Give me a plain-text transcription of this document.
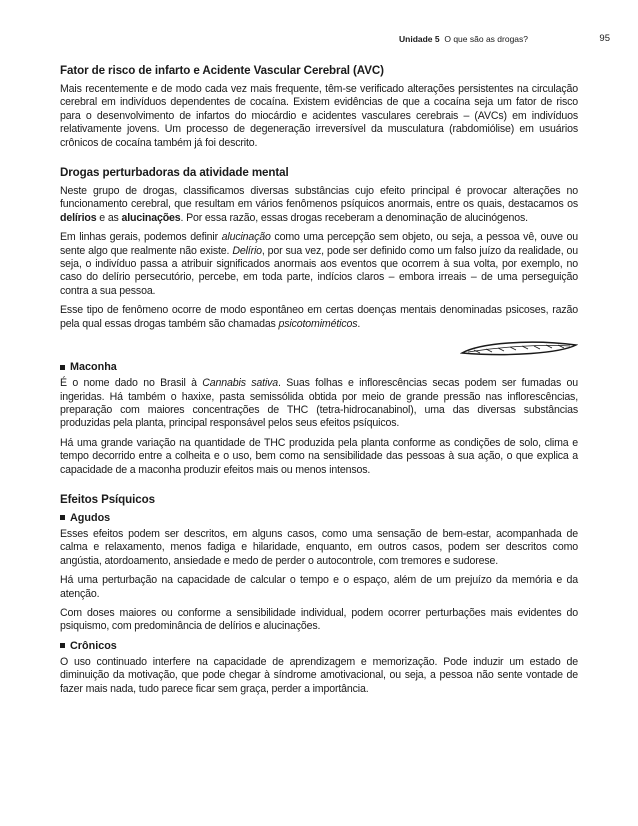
Unidade 5 O que são as drogas?	95
Fator de risco de infarto e Acidente Vascular Cerebral (AVC)

Mais recentemente e de modo cada vez mais frequente, têm-se verificado alterações persistentes na circulação cerebral em indivíduos dependentes de cocaína. Existem evidências de que a cocaína seja um fator de risco para o desenvolvimento de infartos do miocárdio e acidentes vasculares cerebrais – (AVCs) em indivíduos relativamente jovens. Um processo de degeneração irreversível da musculatura (rabdomiólise) em usuários crônicos de cocaína também já foi descrito.

Drogas perturbadoras da atividade mental

Neste grupo de drogas, classificamos diversas substâncias cujo efeito principal é provocar alterações no funcionamento cerebral, que resultam em vários fenômenos psíquicos anormais, entre os quais, destacamos os delírios e as alucinações. Por essa razão, essas drogas receberam a denominação de alucinógenos.

Em linhas gerais, podemos definir alucinação como uma percepção sem objeto, ou seja, a pessoa vê, ouve ou sente algo que realmente não existe. Delírio, por sua vez, pode ser definido como um falso juízo da realidade, ou seja, o indivíduo passa a atribuir significados anormais aos eventos que ocorrem à sua volta, por exemplo, no caso do delírio persecutório, percebe, em toda parte, indícios claros – embora irreais – de uma perseguição contra a sua pessoa.

Esse tipo de fenômeno ocorre de modo espontâneo em certas doenças mentais denominadas psicoses, razão pela qual essas drogas também são chamadas psicotomiméticos.

Maconha

É o nome dado no Brasil à Cannabis sativa. Suas folhas e inflorescências secas podem ser fumadas ou ingeridas. Há também o haxixe, pasta semissólida obtida por meio de grande pressão nas inflorescências, preparação com maiores concentrações de THC (tetra-hidrocanabinol), uma das diversas substâncias produzidas pela planta, principal responsável pelos seus efeitos psíquicos.

Há uma grande variação na quantidade de THC produzida pela planta conforme as condições de solo, clima e tempo decorrido entre a colheita e o uso, bem como na sensibilidade das pessoas à sua ação, o que explica a capacidade de a maconha produzir efeitos mais ou menos intensos.

Efeitos Psíquicos
Agudos

Esses efeitos podem ser descritos, em alguns casos, como uma sensação de bem-estar, acompanhada de calma e relaxamento, menos fadiga e hilaridade, enquanto, em outros casos, podem ser descritos como angústia, atordoamento, ansiedade e medo de perder o autocontrole, com tremores e sudorese.

Há uma perturbação na capacidade de calcular o tempo e o espaço, além de um prejuízo da memória e da atenção.

Com doses maiores ou conforme a sensibilidade individual, podem ocorrer perturbações mais evidentes do psiquismo, com predominância de delírios e alucinações.

Crônicos

O uso continuado interfere na capacidade de aprendizagem e memorização. Pode induzir um estado de diminuição da motivação, que pode chegar à síndrome amotivacional, ou seja, a pessoa não sente vontade de fazer mais nada, tudo parece ficar sem graça, perder a importância.
